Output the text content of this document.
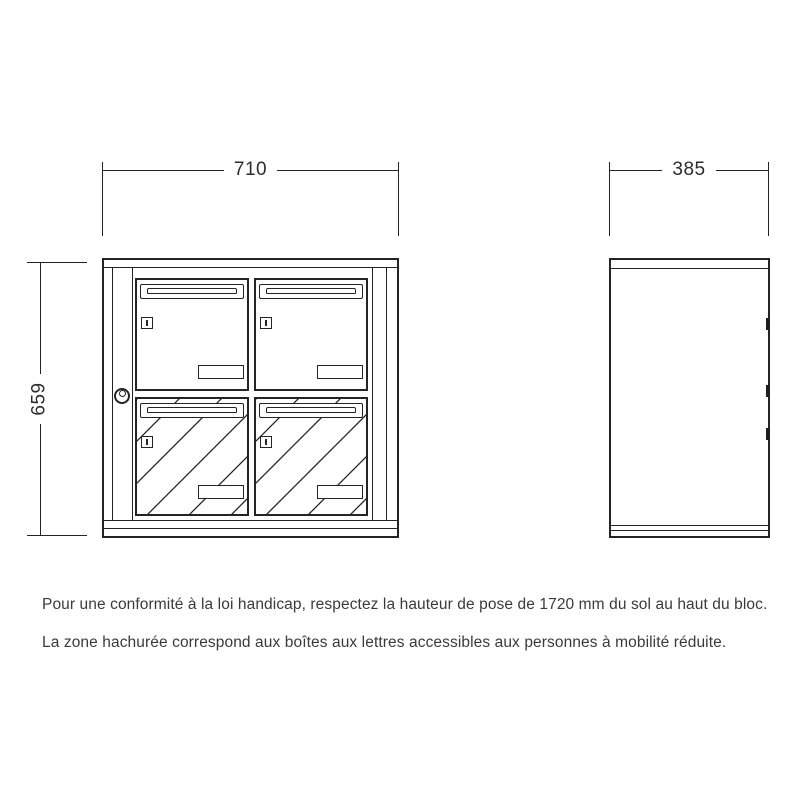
710	385
659

Pour une conformité à la loi handicap, respectez la hauteur de pose de 1720 mm du sol au haut du bloc.

La zone hachurée correspond aux boîtes aux lettres accessibles aux personnes à mobilité réduite.
